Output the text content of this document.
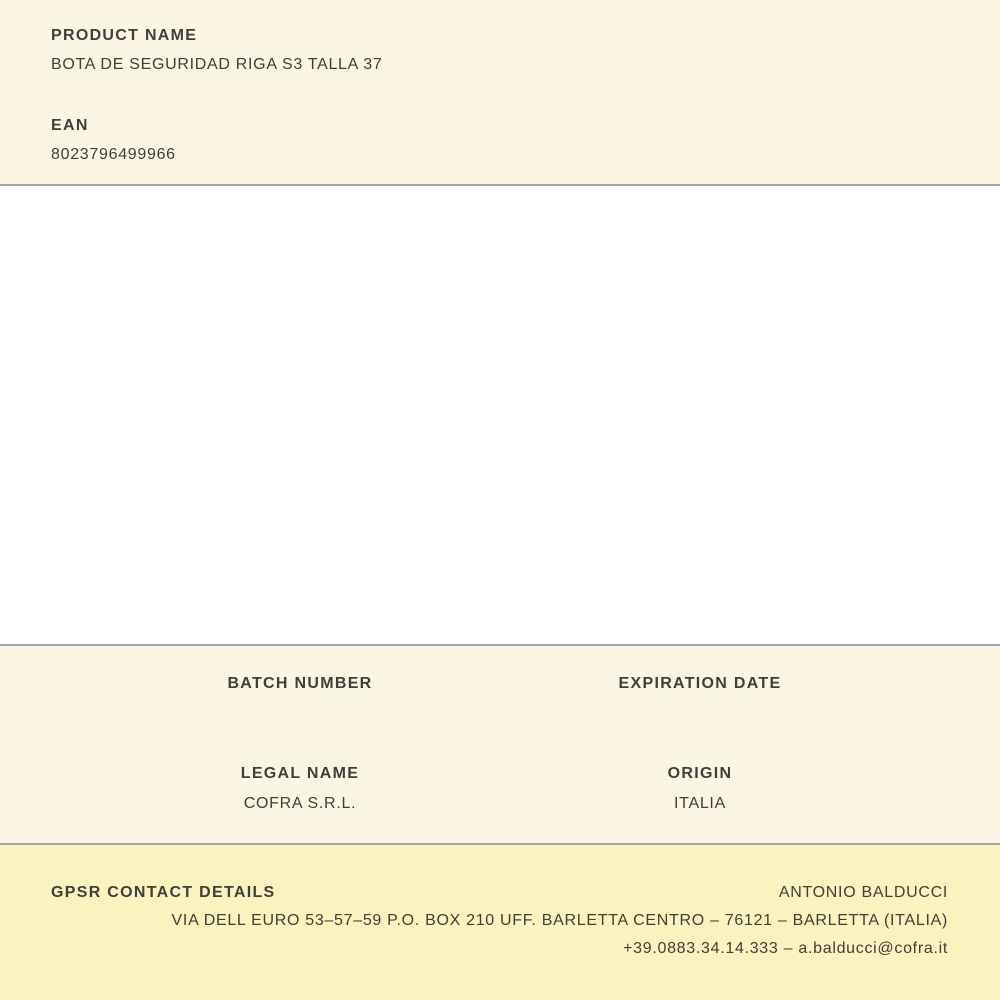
PRODUCT NAME
BOTA DE SEGURIDAD RIGA S3 TALLA 37
EAN
8023796499966
BATCH NUMBER	EXPIRATION DATE
LEGAL NAME
COFRA S.R.L.
ORIGIN
ITALIA
GPSR CONTACT DETAILS	ANTONIO BALDUCCI
VIA DELL EURO 53–57–59 P.O. BOX 210 UFF. BARLETTA CENTRO – 76121 – BARLETTA (ITALIA)
+39.0883.34.14.333 – a.balducci@cofra.it
